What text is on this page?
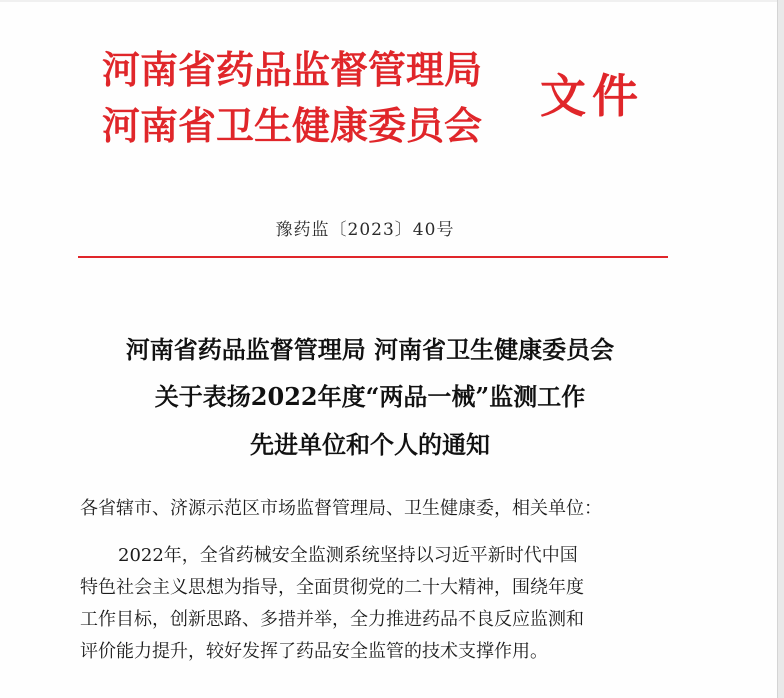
河南省药品监督管理局
河南省卫生健康委员会
文件
豫药监〔2023〕40号
河南省药品监督管理局 河南省卫生健康委员会
关于表扬2022年度“两品一械”监测工作
先进单位和个人的通知
各省辖市、济源示范区市场监督管理局、卫生健康委，相关单位：
2022年，全省药械安全监测系统坚持以习近平新时代中国
特色社会主义思想为指导，全面贯彻党的二十大精神，围绕年度
工作目标，创新思路、多措并举，全力推进药品不良反应监测和
评价能力提升，较好发挥了药品安全监管的技术支撑作用。
